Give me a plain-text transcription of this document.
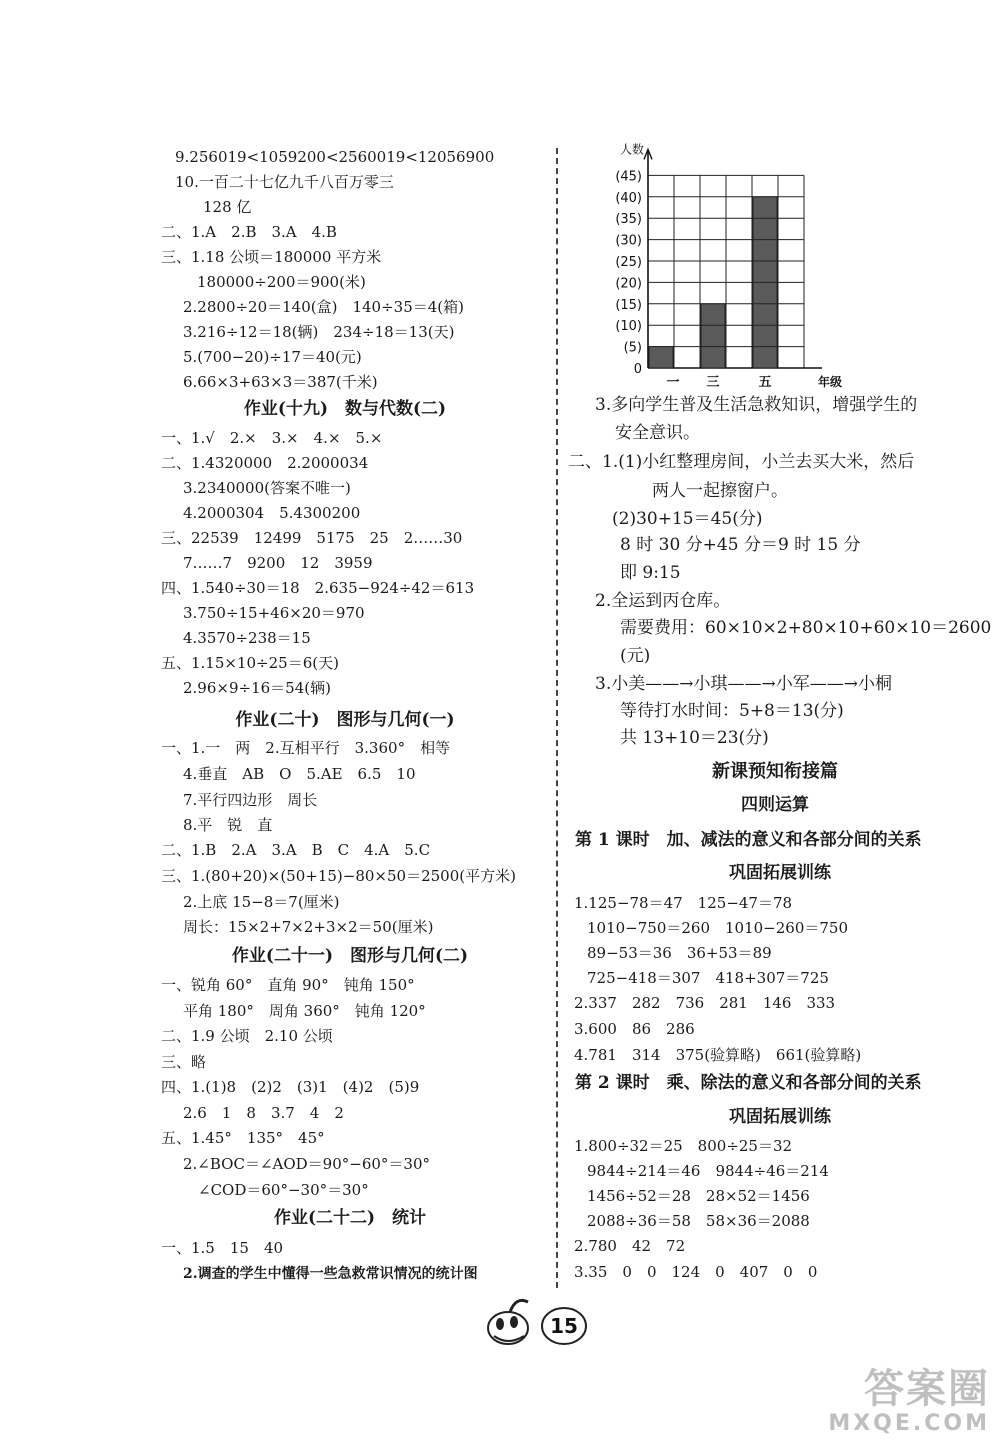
9.256019<1059200<2560019<12056900
10.一百二十七亿九千八百万零三
128 亿
二、1.A　2.B　3.A　4.B
三、1.18 公顷＝180000 平方米
180000÷200＝900(米)
2.2800÷20＝140(盒)　140÷35＝4(箱)
3.216÷12＝18(辆)　234÷18＝13(天)
5.(700−20)÷17＝40(元)
6.66×3+63×3＝387(千米)
作业(十九)　数与代数(二)
一、1.√　2.×　3.×　4.×　5.×
二、1.4320000　2.2000034
3.2340000(答案不唯一)
4.2000304　5.4300200
三、22539　12499　5175　25　2……30
7……7　9200　12　3959
四、1.540÷30＝18　2.635−924÷42＝613
3.750÷15+46×20＝970
4.3570÷238＝15
五、1.15×10÷25＝6(天)
2.96×9÷16＝54(辆)
作业(二十)　图形与几何(一)
一、1.一　两　2.互相平行　3.360°　相等
4.垂直　AB　O　5.AE　6.5　10
7.平行四边形　周长
8.平　锐　直
二、1.B　2.A　3.A　B　C　4.A　5.C
三、1.(80+20)×(50+15)−80×50＝2500(平方米)
2.上底 15−8＝7(厘米)
周长：15×2+7×2+3×2＝50(厘米)
作业(二十一)　图形与几何(二)
一、锐角 60°　直角 90°　钝角 150°
平角 180°　周角 360°　钝角 120°
二、1.9 公顷　2.10 公顷
三、略
四、1.(1)8　(2)2　(3)1　(4)2　(5)9
2.6　1　8　3.7　4　2
五、1.45°　135°　45°
2.∠BOC＝∠AOD＝90°−60°＝30°
∠COD＝60°−30°＝30°
作业(二十二)　统计
一、1.5　15　40
2.调查的学生中懂得一些急救常识情况的统计图
(45)
(40)
(35)
(30)
(25)
(20)
(15)
(10)
(5)
0
一 三	五
人数
年级
3.多向学生普及生活急救知识，增强学生的
安全意识。
二、1.(1)小红整理房间，小兰去买大米，然后
两人一起擦窗户。
(2)30+15＝45(分)
8 时 30 分+45 分＝9 时 15 分
即 9:15
2.全运到丙仓库。
需要费用：60×10×2+80×10+60×10＝2600
(元)
3.小美——→小琪——→小军——→小桐
等待打水时间：5+8＝13(分)
共 13+10＝23(分)
新课预知衔接篇
四则运算
第 1 课时　加、减法的意义和各部分间的关系
巩固拓展训练
1.125−78＝47　125−47＝78
1010−750＝260　1010−260＝750
89−53＝36　36+53＝89
725−418＝307　418+307＝725
2.337　282　736　281　146　333
3.600　86　286
4.781　314　375(验算略)　661(验算略)
第 2 课时　乘、除法的意义和各部分间的关系
巩固拓展训练
1.800÷32＝25　800÷25＝32
9844÷214＝46　9844÷46＝214
1456÷52＝28　28×52＝1456
2088÷36＝58　58×36＝2088
2.780　42　72
3.35　0　0　124　0　407　0　0
15
答案圈
MXQE.COM
